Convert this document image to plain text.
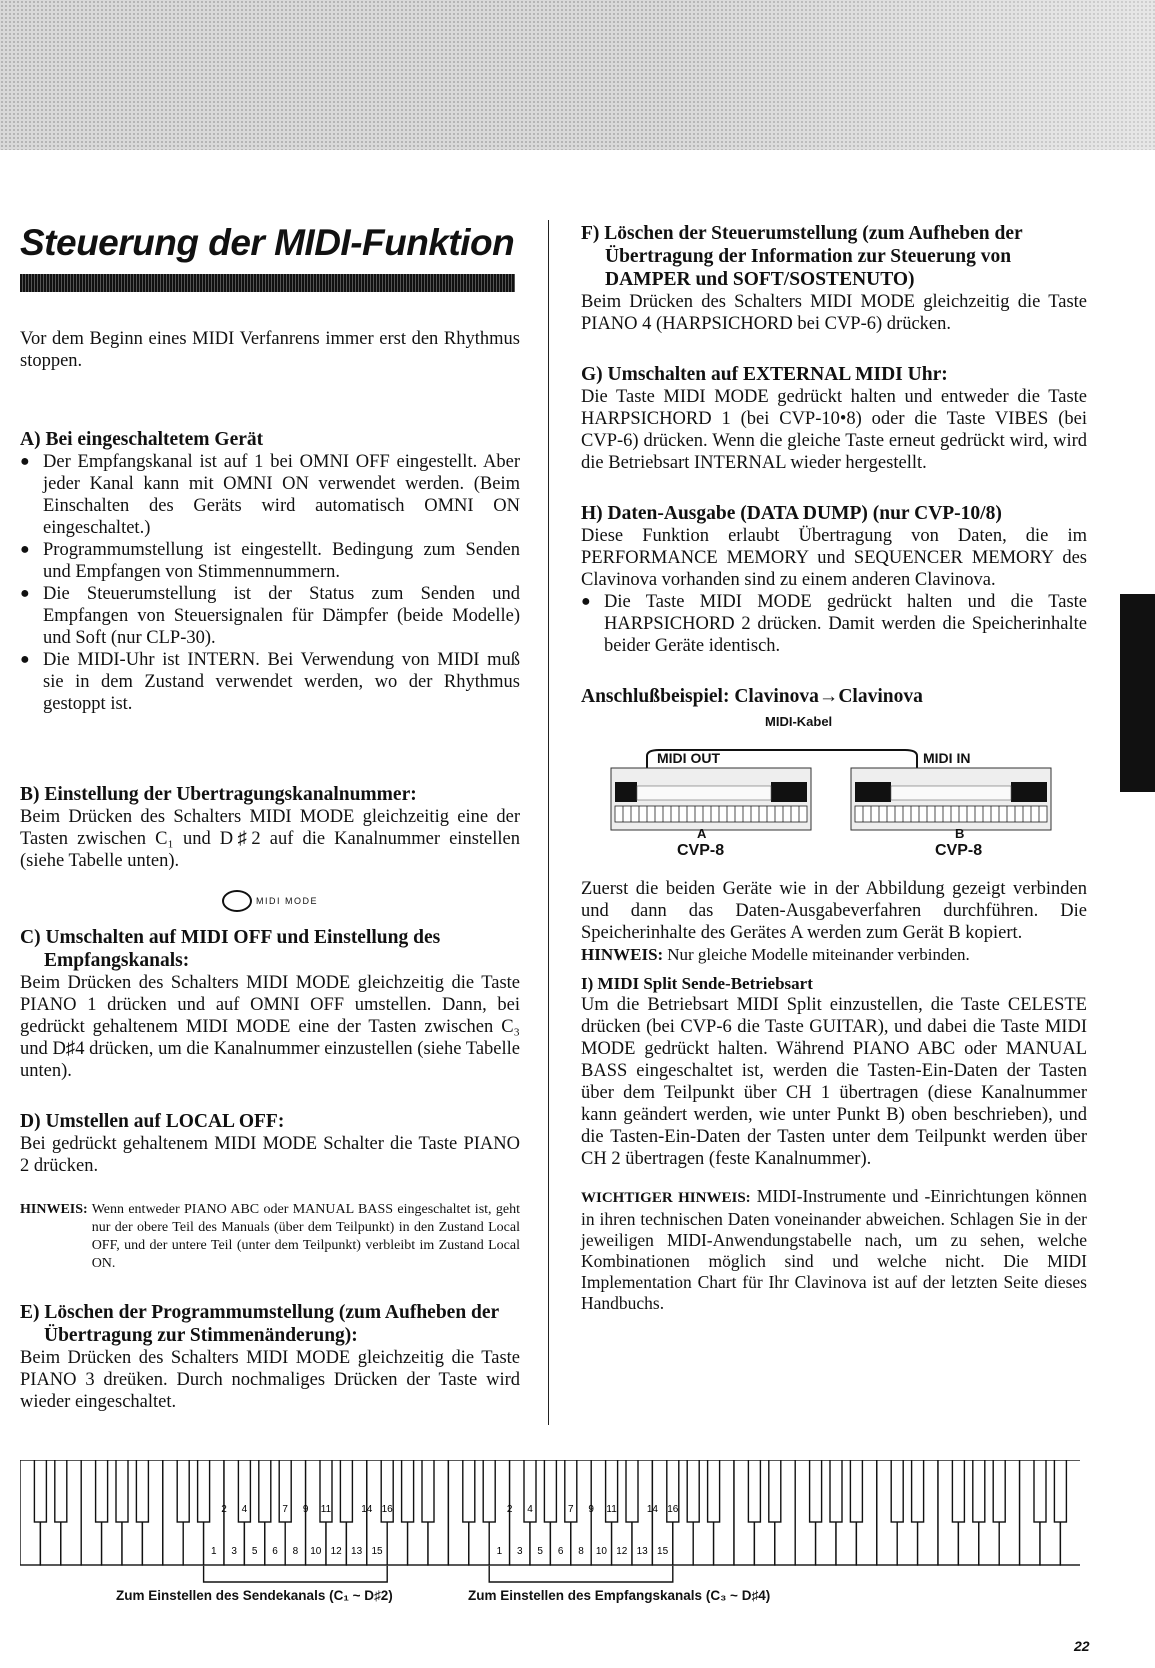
Steuerung der MIDI-Funktion

Vor dem Beginn eines MIDI Verfanrens immer erst den Rhythmus stoppen.

A) Bei eingeschaltetem Gerät
● Der Empfangskanal ist auf 1 bei OMNI OFF eingestellt. Aber jeder Kanal kann mit OMNI ON verwendet werden. (Beim Einschalten des Geräts wird automatisch OMNI ON eingeschaltet.)
● Programmumstellung ist eingestellt. Bedingung zum Senden und Empfangen von Stimmennummern.
● Die Steuerumstellung ist der Status zum Senden und Empfangen von Steuersignalen für Dämpfer (beide Modelle) und Soft (nur CLP-30).
● Die MIDI-Uhr ist INTERN. Bei Verwendung von MIDI muß sie in dem Zustand verwendet werden, wo der Rhythmus gestoppt ist.
B) Einstellung der Ubertragungskanalnummer:

Beim Drücken des Schalters MIDI MODE gleichzeitig eine der Tasten zwischen C₁ und D♯2 auf die Kanalnummer einstellen (siehe Tabelle unten).

MIDI MODE
C) Umschalten auf MIDI OFF und Einstellung des Empfangskanals:

Beim Drücken des Schalters MIDI MODE gleichzeitig die Taste PIANO 1 drücken und auf OMNI OFF umstellen. Dann, bei gedrückt gehaltenem MIDI MODE eine der Tasten zwischen C₃ und D♯4 drücken, um die Kanalnummer einzustellen (siehe Tabelle unten).

D) Umstellen auf LOCAL OFF:

Bei gedrückt gehaltenem MIDI MODE Schalter die Taste PIANO 2 drücken.

HINWEIS: Wenn entweder PIANO ABC oder MANUAL BASS eingeschaltet ist, geht nur der obere Teil des Manuals (über dem Teilpunkt) in den Zustand Local OFF, und der untere Teil (unter dem Teilpunkt) verbleibt im Zustand Local ON.
E) Löschen der Programmumstellung (zum Aufheben der Übertragung zur Stimmenänderung):

Beim Drücken des Schalters MIDI MODE gleichzeitig die Taste PIANO 3 dreüken. Durch nochmaliges Drücken der Taste wird wieder eingeschaltet.

F) Löschen der Steuerumstellung (zum Aufheben der Übertragung der Information zur Steuerung von DAMPER und SOFT/SOSTENUTO)

Beim Drücken des Schalters MIDI MODE gleichzeitig die Taste PIANO 4 (HARPSICHORD bei CVP-6) drücken.

G) Umschalten auf EXTERNAL MIDI Uhr:

Die Taste MIDI MODE gedrückt halten und entweder die Taste HARPSICHORD 1 (bei CVP-10•8) oder die Taste VIBES (bei CVP-6) drücken. Wenn die gleiche Taste erneut gedrückt wird, wird die Betriebsart INTERNAL wieder hergestellt.

H) Daten-Ausgabe (DATA DUMP) (nur CVP-10/8)

Diese Funktion erlaubt Übertragung von Daten, die im PERFORMANCE MEMORY und SEQUENCER MEMORY des Clavinova vorhanden sind zu einem anderen Clavinova.

● Die Taste MIDI MODE gedrückt halten und die Taste HARPSICHORD 2 drücken. Damit werden die Speicherinhalte beider Geräte identisch.
Anschlußbeispiel: Clavinova→Clavinova
MIDI-Kabel
MIDI OUT	MIDI IN
A
CVP-8
B
CVP-8

Zuerst die beiden Geräte wie in der Abbildung gezeigt verbinden und dann das Daten-Ausgabeverfahren durchführen. Die Speicherinhalte des Gerätes A werden zum Gerät B kopiert.

HINWEIS: Nur gleiche Modelle miteinander verbinden.
I) MIDI Split Sende-Betriebsart

Um die Betriebsart MIDI Split einzustellen, die Taste CELESTE drücken (bei CVP-6 die Taste GUITAR), und dabei die Taste MIDI MODE gedrückt halten. Während PIANO ABC oder MANUAL BASS eingeschaltet ist, werden die Tasten-Ein-Daten der Tasten über dem Teilpunkt über CH 1 übertragen (diese Kanalnummer kann geändert werden, wie unter Punkt B) oben beschrieben), und die Tasten-Ein-Daten der Tasten unter dem Teilpunkt werden über CH 2 übertragen (feste Kanalnummer).

WICHTIGER HINWEIS: MIDI-Instrumente und -Einrichtungen können in ihren technischen Daten voneinander abweichen. Schlagen Sie in der jeweiligen MIDI-Anwendungstabelle nach, um zu sehen, welche Kombinationen möglich sind und welche nicht. Die MIDI Implementation Chart für Ihr Clavinova ist auf der letzten Seite dieses Handbuchs.

1 3 5 6 8 10 12 13 15
2 4	7 9 11	14 16
1 3 5 6 8 10 12 13 15
2 4	7 9 11	14 16
Zum Einstellen des Sendekanals (C₁ ~ D♯2)	Zum Einstellen des Empfangskanals (C₃ ~ D♯4)
22
